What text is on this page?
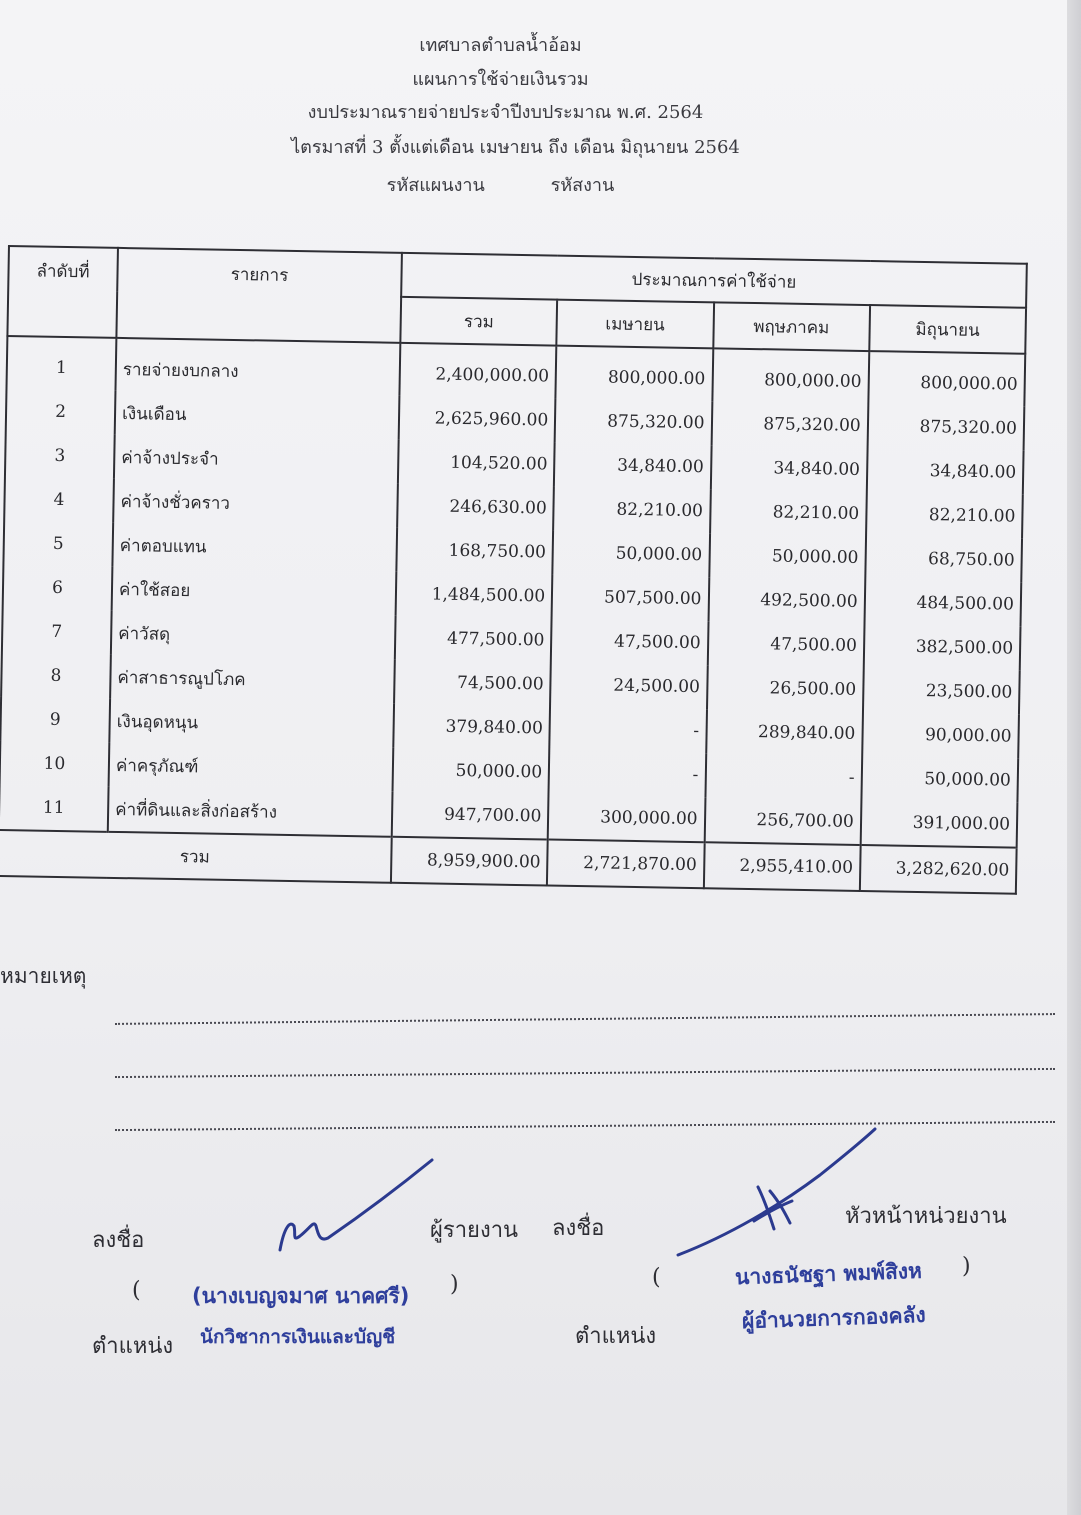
เทศบาลตำบลน้ำอ้อม
แผนการใช้จ่ายเงินรวม
งบประมาณรายจ่ายประจำปีงบประมาณ พ.ศ. 2564
ไตรมาสที่ 3 ตั้งแต่เดือน เมษายน ถึง เดือน มิถุนายน 2564
รหัสแผนงาน	รหัสงาน
ลำดับที่	รายการ	ประมาณการค่าใช้จ่าย			
		รวม	เมษายน	พฤษภาคม	มิถุนายน
1	รายจ่ายงบกลาง	2,400,000.00	800,000.00	800,000.00	800,000.00
2	เงินเดือน	2,625,960.00	875,320.00	875,320.00	875,320.00
3	ค่าจ้างประจำ	104,520.00	34,840.00	34,840.00	34,840.00
4	ค่าจ้างชั่วคราว	246,630.00	82,210.00	82,210.00	82,210.00
5	ค่าตอบแทน	168,750.00	50,000.00	50,000.00	68,750.00
6	ค่าใช้สอย	1,484,500.00	507,500.00	492,500.00	484,500.00
7	ค่าวัสดุ	477,500.00	47,500.00	47,500.00	382,500.00
8	ค่าสาธารณูปโภค	74,500.00	24,500.00	26,500.00	23,500.00
9	เงินอุดหนุน	379,840.00	-	289,840.00	90,000.00
10	ค่าครุภัณฑ์	50,000.00	-	-	50,000.00
11	ค่าที่ดินและสิ่งก่อสร้าง	947,700.00	300,000.00	256,700.00	391,000.00
รวม		8,959,900.00	2,721,870.00	2,955,410.00	3,282,620.00
หมายเหตุ
ลงชื่อ	ผู้รายงาน ลงชื่อ	หัวหน้าหน่วยงาน
( (นางเบญจมาศ นาคศรี) )	(	นางธนัชฐา พมพ์สิงห )
ตำแหน่ง นักวิชาการเงินและบัญชี	ตำแหน่ง
ผู้อำนวยการกองคลัง
